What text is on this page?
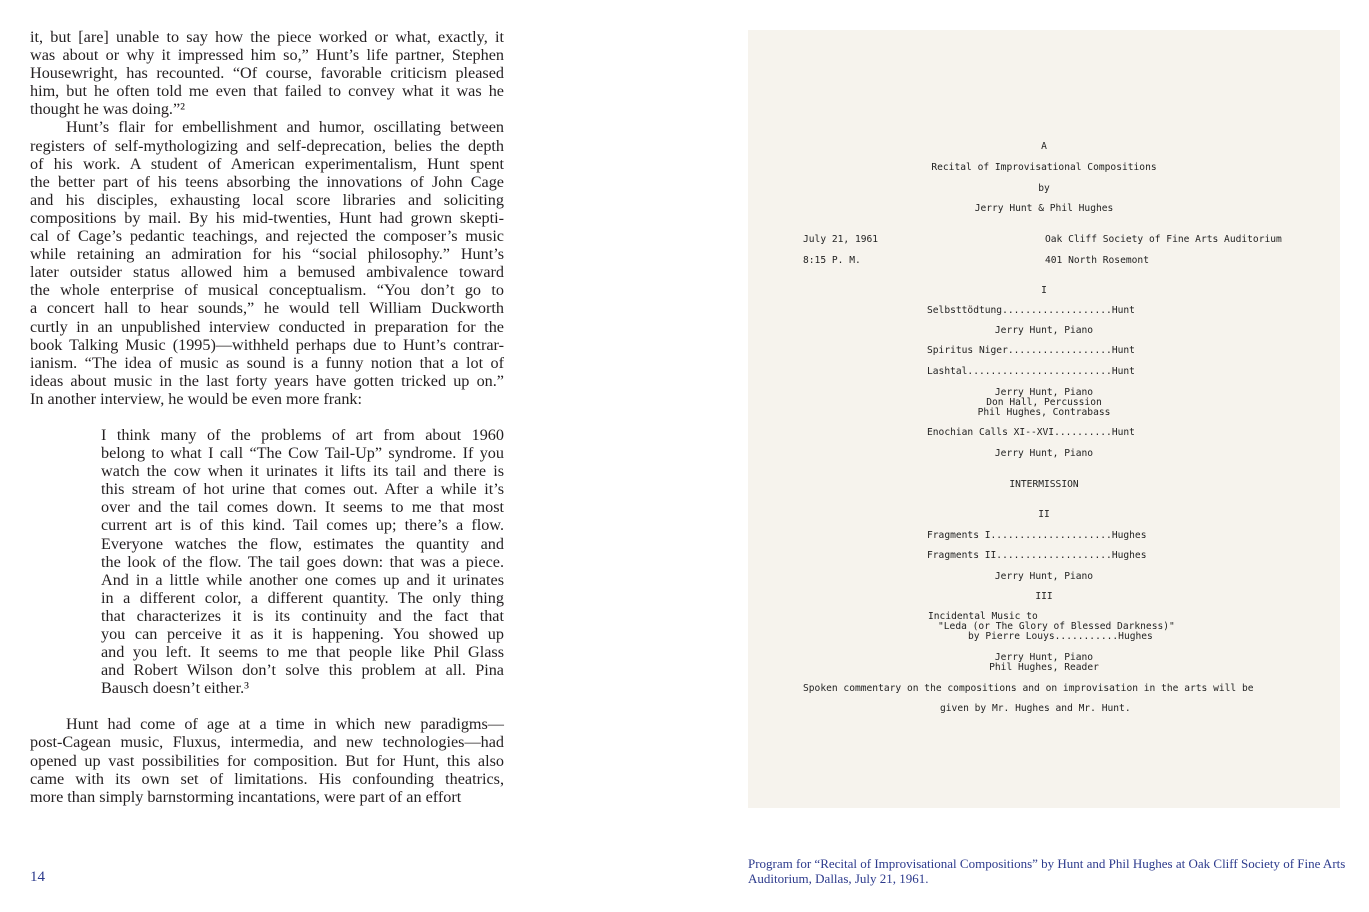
it, but [are] unable to say how the piece worked or what, exactly, it
was about or why it impressed him so,” Hunt’s life partner, Stephen
Housewright, has recounted. “Of course, favorable criticism pleased
him, but he often told me even that failed to convey what it was he
thought he was doing.”²
Hunt’s flair for embellishment and humor, oscillating between
registers of self-mythologizing and self-deprecation, belies the depth
of his work. A student of American experimentalism, Hunt spent
the better part of his teens absorbing the innovations of John Cage
and his disciples, exhausting local score libraries and soliciting
compositions by mail. By his mid-twenties, Hunt had grown skepti-
cal of Cage’s pedantic teachings, and rejected the composer’s music
while retaining an admiration for his “social philosophy.” Hunt’s
later outsider status allowed him a bemused ambivalence toward
the whole enterprise of musical conceptualism. “You don’t go to
a concert hall to hear sounds,” he would tell William Duckworth
curtly in an unpublished interview conducted in preparation for the
book Talking Music (1995)—withheld perhaps due to Hunt’s contrar-
ianism. “The idea of music as sound is a funny notion that a lot of
ideas about music in the last forty years have gotten tricked up on.”
In another interview, he would be even more frank:
I think many of the problems of art from about 1960
belong to what I call “The Cow Tail-Up” syndrome. If you
watch the cow when it urinates it lifts its tail and there is
this stream of hot urine that comes out. After a while it’s
over and the tail comes down. It seems to me that most
current art is of this kind. Tail comes up; there’s a flow.
Everyone watches the flow, estimates the quantity and
the look of the flow. The tail goes down: that was a piece.
And in a little while another one comes up and it urinates
in a different color, a different quantity. The only thing
that characterizes it is its continuity and the fact that
you can perceive it as it is happening. You showed up
and you left. It seems to me that people like Phil Glass
and Robert Wilson don’t solve this problem at all. Pina
Bausch doesn’t either.³
Hunt had come of age at a time in which new paradigms—
post-Cagean music, Fluxus, intermedia, and new technologies—had
opened up vast possibilities for composition. But for Hunt, this also
came with its own set of limitations. His confounding theatrics,
more than simply barnstorming incantations, were part of an effort
14
A
Recital of Improvisational Compositions
by
Jerry Hunt & Phil Hughes
July 21, 1961
8:15 P. M.
Oak Cliff Society of Fine Arts Auditorium
401 North Rosemont
I
Selbsttödtung...................Hunt
Jerry Hunt, Piano
Spiritus Niger..................Hunt
Lashtal.........................Hunt
Jerry Hunt, Piano
Don Hall, Percussion
Phil Hughes, Contrabass
Enochian Calls XI--XVI..........Hunt
Jerry Hunt, Piano
INTERMISSION
II
Fragments I.....................Hughes
Fragments II....................Hughes
Jerry Hunt, Piano
III
Incidental Music to
"Leda (or The Glory of Blessed Darkness)"
by Pierre Louys...........Hughes
Jerry Hunt, Piano
Phil Hughes, Reader
Spoken commentary on the compositions and on improvisation in the arts will be
given by Mr. Hughes and Mr. Hunt.
Program for “Recital of Improvisational Compositions” by Hunt and Phil Hughes at Oak Cliff Society of Fine Arts Auditorium, Dallas, July 21, 1961.
